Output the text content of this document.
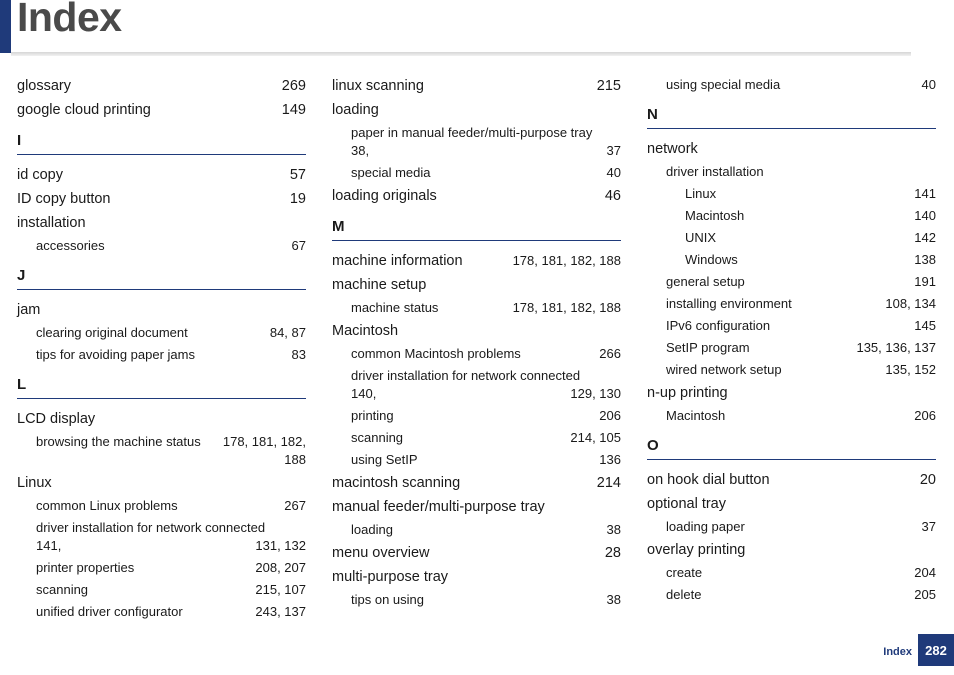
Index
glossary	269
google cloud printing	149
I
id copy	57
ID copy button	19
installation
accessories	67
J
jam
clearing original document	84, 87
tips for avoiding paper jams	83
L
LCD display
browsing the machine status 178, 181, 182,
188
Linux
common Linux problems	267
driver installation for network connected
141,	131, 132
printer properties	208, 207
scanning	215, 107
unified driver configurator	243, 137
linux scanning	215
loading
paper in manual feeder/multi-purpose tray
38,	37
special media	40
loading originals	46
M
machine information	178, 181, 182, 188
machine setup
machine status	178, 181, 182, 188
Macintosh
common Macintosh problems	266
driver installation for network connected
140,	129, 130
printing	206
scanning	214, 105
using SetIP	136
macintosh scanning	214
manual feeder/multi-purpose tray
loading	38
menu overview	28
multi-purpose tray
tips on using	38
using special media	40
N
network
driver installation
Linux	141
Macintosh	140
UNIX	142
Windows	138
general setup	191
installing environment	108, 134
IPv6 configuration	145
SetIP program	135, 136, 137
wired network setup	135, 152
n-up printing
Macintosh	206
O
on hook dial button	20
optional tray
loading paper	37
overlay printing
create	204
delete	205
Index	282
